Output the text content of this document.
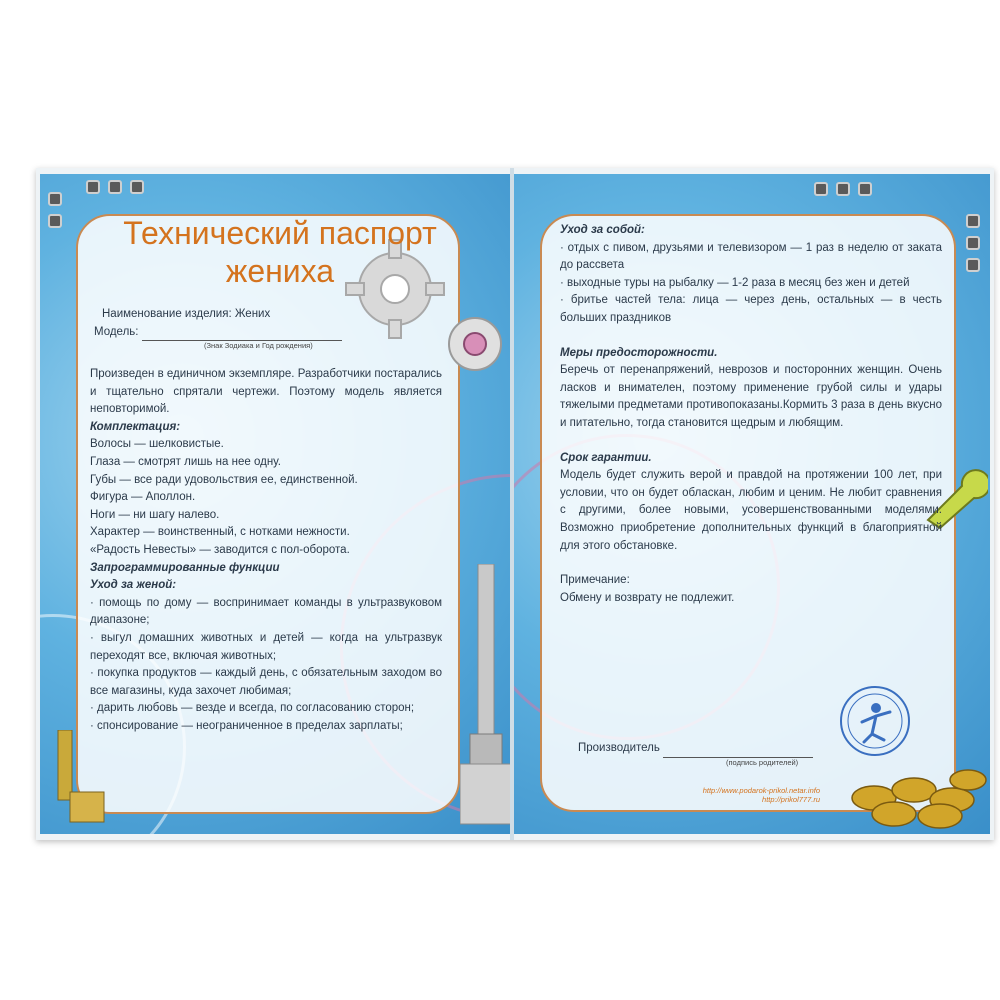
Технический паспорт
жениха

Наименование изделия: Жених

Модель:

(Знак Зодиака и Год рождения)

Произведен в единичном экземпляре. Разработчики постарались и тщательно спрятали чертежи. Поэтому модель является неповторимой.

Комплектация:

Волосы — шелковистые.

Глаза — смотрят лишь на нее одну.

Губы — все ради удовольствия ее, единственной.

Фигура — Аполлон.

Ноги — ни шагу налево.

Характер — воинственный, с нотками нежности.

«Радость Невесты» — заводится с пол-оборота.

Запрограммированные функции

Уход за женой:

· помощь по дому — воспринимает команды в ультразвуковом диапазоне;

· выгул домашних животных и детей — когда на ультразвук переходят все, включая животных;

· покупка продуктов — каждый день, с обязательным заходом во все магазины, куда захочет любимая;

· дарить любовь — везде и всегда, по согласованию сторон;

· спонсирование — неограниченное в пределах зарплаты;

Уход за собой:

· отдых с пивом, друзьями и телевизором — 1 раз в неделю от заката до рассвета

· выходные туры на рыбалку — 1-2 раза в месяц без жен и детей

· бритье частей тела: лица — через день, остальных — в честь больших праздников

Меры предосторожности.

Беречь от перенапряжений, неврозов и посторонних женщин. Очень ласков и внимателен, поэтому применение грубой силы и удары тяжелыми предметами противопоказаны.Кормить 3 раза в день вкусно и питательно, тогда становится щедрым и любящим.

Срок гарантии.

Модель будет служить верой и правдой на протяжении 100 лет, при условии, что он будет обласкан, любим и ценим. Не любит сравнения с другими, более новыми, усовершенствованными моделями. Возможно приобретение дополнительных функций в благоприятной для этого обстановке.

Примечание:

Обмену и возврату не подлежит.

Производитель

(подпись родителей)

http://www.podarok-prikol.netar.info
http://prikol777.ru
